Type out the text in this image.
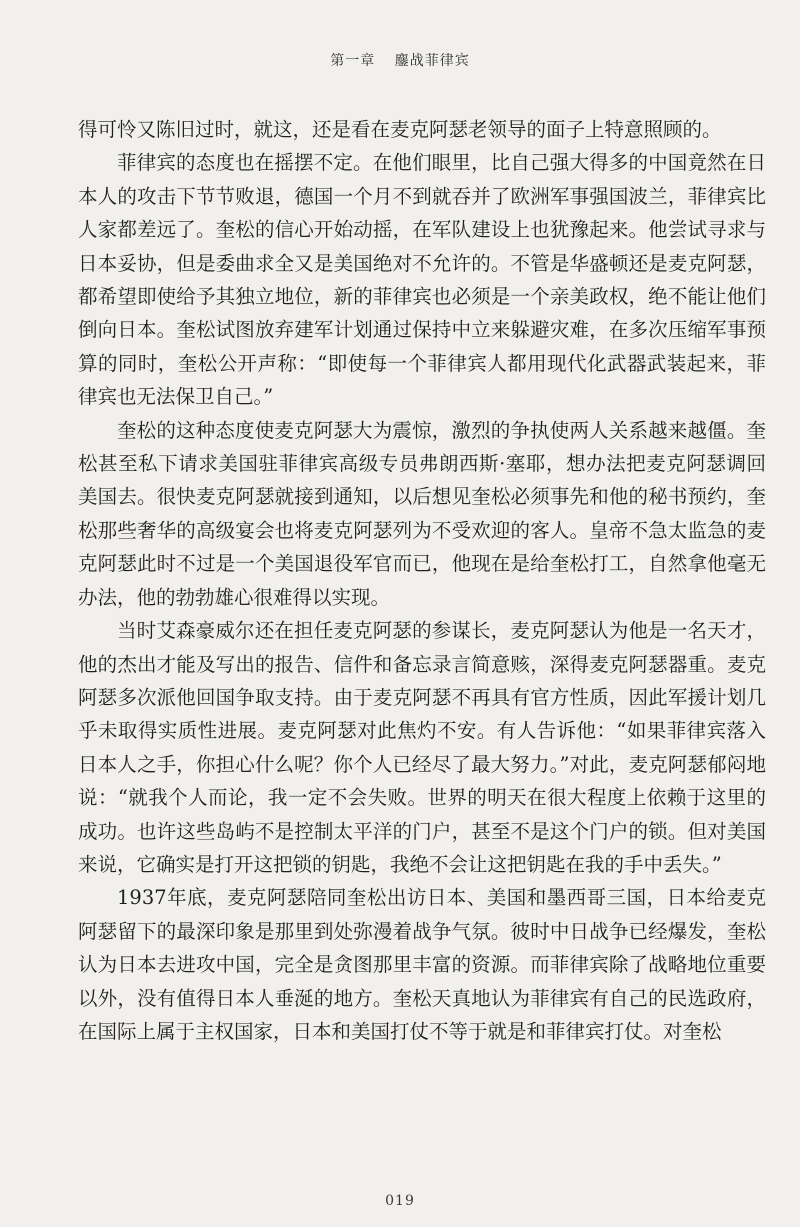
第一章 鏖战菲律宾

得可怜又陈旧过时，就这，还是看在麦克阿瑟老领导的面子上特意照顾的。

菲律宾的态度也在摇摆不定。在他们眼里，比自己强大得多的中国竟然在日本人的攻击下节节败退，德国一个月不到就吞并了欧洲军事强国波兰，菲律宾比人家都差远了。奎松的信心开始动摇，在军队建设上也犹豫起来。他尝试寻求与日本妥协，但是委曲求全又是美国绝对不允许的。不管是华盛顿还是麦克阿瑟，都希望即使给予其独立地位，新的菲律宾也必须是一个亲美政权，绝不能让他们倒向日本。奎松试图放弃建军计划通过保持中立来躲避灾难，在多次压缩军事预算的同时，奎松公开声称：“即使每一个菲律宾人都用现代化武器武装起来，菲律宾也无法保卫自己。”

奎松的这种态度使麦克阿瑟大为震惊，激烈的争执使两人关系越来越僵。奎松甚至私下请求美国驻菲律宾高级专员弗朗西斯·塞耶，想办法把麦克阿瑟调回美国去。很快麦克阿瑟就接到通知，以后想见奎松必须事先和他的秘书预约，奎松那些奢华的高级宴会也将麦克阿瑟列为不受欢迎的客人。皇帝不急太监急的麦克阿瑟此时不过是一个美国退役军官而已，他现在是给奎松打工，自然拿他毫无办法，他的勃勃雄心很难得以实现。

当时艾森豪威尔还在担任麦克阿瑟的参谋长，麦克阿瑟认为他是一名天才，他的杰出才能及写出的报告、信件和备忘录言简意赅，深得麦克阿瑟器重。麦克阿瑟多次派他回国争取支持。由于麦克阿瑟不再具有官方性质，因此军援计划几乎未取得实质性进展。麦克阿瑟对此焦灼不安。有人告诉他：“如果菲律宾落入日本人之手，你担心什么呢？你个人已经尽了最大努力。”对此，麦克阿瑟郁闷地说：“就我个人而论，我一定不会失败。世界的明天在很大程度上依赖于这里的成功。也许这些岛屿不是控制太平洋的门户，甚至不是这个门户的锁。但对美国来说，它确实是打开这把锁的钥匙，我绝不会让这把钥匙在我的手中丢失。”

1937年底，麦克阿瑟陪同奎松出访日本、美国和墨西哥三国，日本给麦克阿瑟留下的最深印象是那里到处弥漫着战争气氛。彼时中日战争已经爆发，奎松认为日本去进攻中国，完全是贪图那里丰富的资源。而菲律宾除了战略地位重要以外，没有值得日本人垂涎的地方。奎松天真地认为菲律宾有自己的民选政府，在国际上属于主权国家，日本和美国打仗不等于就是和菲律宾打仗。对奎松

019
